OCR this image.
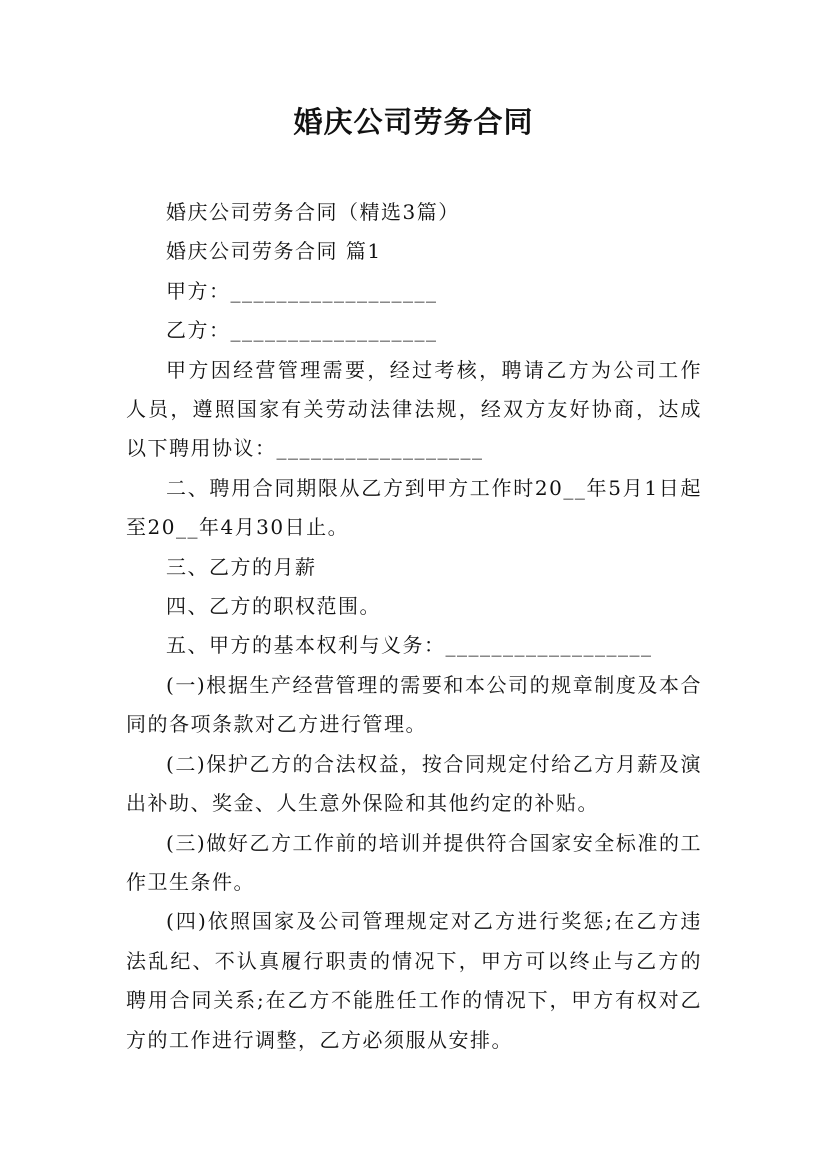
婚庆公司劳务合同

婚庆公司劳务合同（精选3篇）

婚庆公司劳务合同 篇1

甲方：__________________

乙方：__________________

甲方因经营管理需要，经过考核，聘请乙方为公司工作人员，遵照国家有关劳动法律法规，经双方友好协商，达成以下聘用协议：__________________

二、聘用合同期限从乙方到甲方工作时20__年5月1日起至20__年4月30日止。

三、乙方的月薪

四、乙方的职权范围。

五、甲方的基本权利与义务：__________________

(一)根据生产经营管理的需要和本公司的规章制度及本合同的各项条款对乙方进行管理。

(二)保护乙方的合法权益，按合同规定付给乙方月薪及演出补助、奖金、人生意外保险和其他约定的补贴。

(三)做好乙方工作前的培训并提供符合国家安全标准的工作卫生条件。

(四)依照国家及公司管理规定对乙方进行奖惩;在乙方违法乱纪、不认真履行职责的情况下，甲方可以终止与乙方的聘用合同关系;在乙方不能胜任工作的情况下，甲方有权对乙方的工作进行调整，乙方必须服从安排。
